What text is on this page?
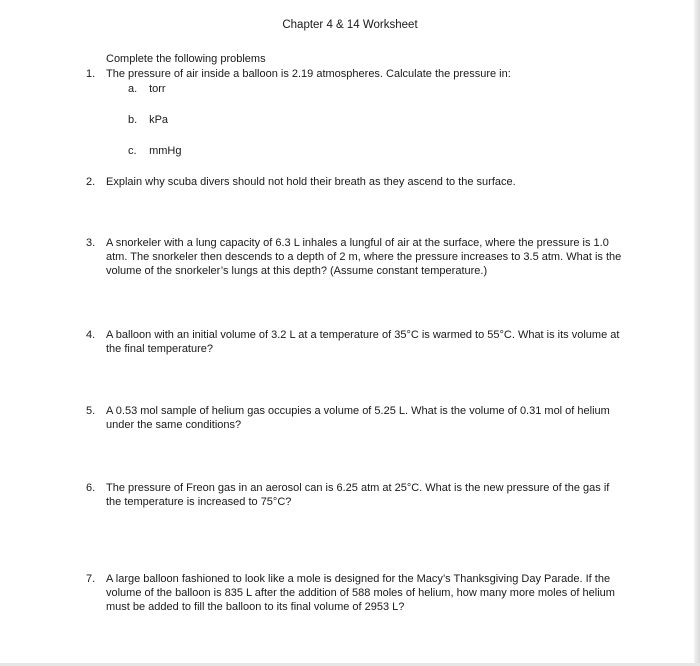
Chapter 4 & 14 Worksheet
Complete the following problems
1. The pressure of air inside a balloon is 2.19 atmospheres. Calculate the pressure in:
a. torr
b. kPa
c. mmHg
2. Explain why scuba divers should not hold their breath as they ascend to the surface.
3. A snorkeler with a lung capacity of 6.3 L inhales a lungful of air at the surface, where the pressure is 1.0 atm. The snorkeler then descends to a depth of 2 m, where the pressure increases to 3.5 atm. What is the volume of the snorkeler’s lungs at this depth? (Assume constant temperature.)
4. A balloon with an initial volume of 3.2 L at a temperature of 35°C is warmed to 55°C. What is its volume at the final temperature?
5. A 0.53 mol sample of helium gas occupies a volume of 5.25 L. What is the volume of 0.31 mol of helium under the same conditions?
6. The pressure of Freon gas in an aerosol can is 6.25 atm at 25°C. What is the new pressure of the gas if the temperature is increased to 75°C?
7. A large balloon fashioned to look like a mole is designed for the Macy’s Thanksgiving Day Parade. If the volume of the balloon is 835 L after the addition of 588 moles of helium, how many more moles of helium must be added to fill the balloon to its final volume of 2953 L?
